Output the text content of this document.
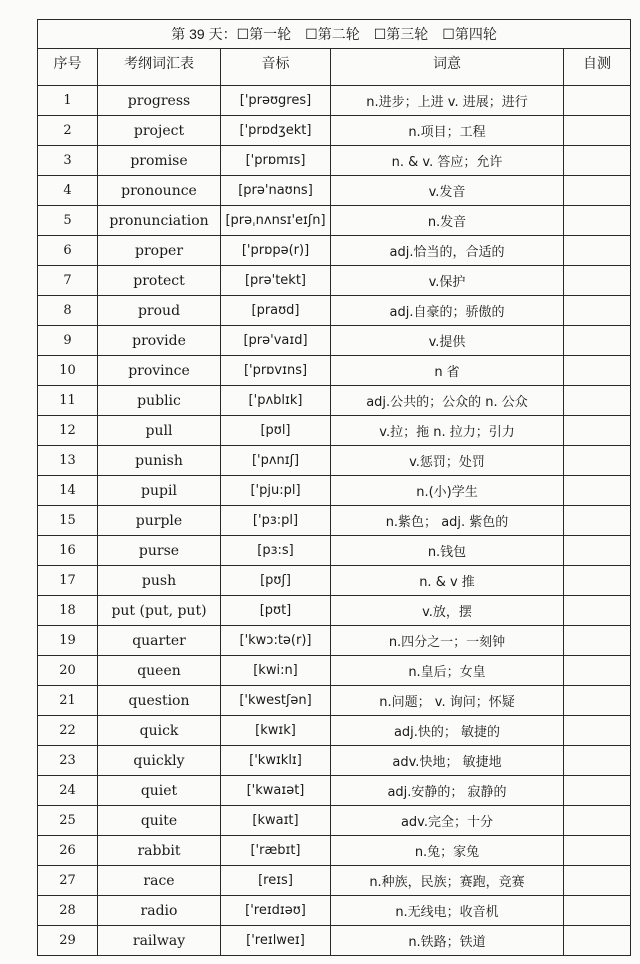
第 39 天：☐第一轮 ☐第二轮 ☐第三轮 ☐第四轮				
序号	考纲词汇表	音标	词意	自测
1	progress	['prəʊgres]	n.进步；上进 v. 进展；进行	
2	project	['prɒdʒekt]	n.项目；工程	
3	promise	['prɒmɪs]	n. & v. 答应；允许	
4	pronounce	[prə'naʊns]	v.发音	
5	pronunciation	[prəˌnʌnsɪ'eɪʃn]	n.发音	
6	proper	['prɒpə(r)]	adj.恰当的，合适的	
7	protect	[prə'tekt]	v.保护	
8	proud	[praʊd]	adj.自豪的；骄傲的	
9	provide	[prə'vaɪd]	v.提供	
10	province	['prɒvɪns]	n 省	
11	public	['pʌblɪk]	adj.公共的；公众的 n. 公众	
12	pull	[pʊl]	v.拉；拖 n. 拉力；引力	
13	punish	['pʌnɪʃ]	v.惩罚；处罚	
14	pupil	['pju:pl]	n.(小)学生	
15	purple	['pɜ:pl]	n.紫色； adj. 紫色的	
16	purse	[pɜ:s]	n.钱包	
17	push	[pʊʃ]	n. & v 推	
18	put (put, put)	[pʊt]	v.放，摆	
19	quarter	['kwɔ:tə(r)]	n.四分之一；一刻钟	
20	queen	[kwi:n]	n.皇后；女皇	
21	question	['kwestʃən]	n.问题； v. 询问；怀疑	
22	quick	[kwɪk]	adj.快的； 敏捷的	
23	quickly	['kwɪklɪ]	adv.快地； 敏捷地	
24	quiet	['kwaɪət]	adj.安静的； 寂静的	
25	quite	[kwaɪt]	adv.完全；十分	
26	rabbit	['ræbɪt]	n.兔；家兔	
27	race	[reɪs]	n.种族，民族；赛跑，竞赛	
28	radio	['reɪdɪəʊ]	n.无线电；收音机	
29	railway	['reɪlweɪ]	n.铁路；铁道	
